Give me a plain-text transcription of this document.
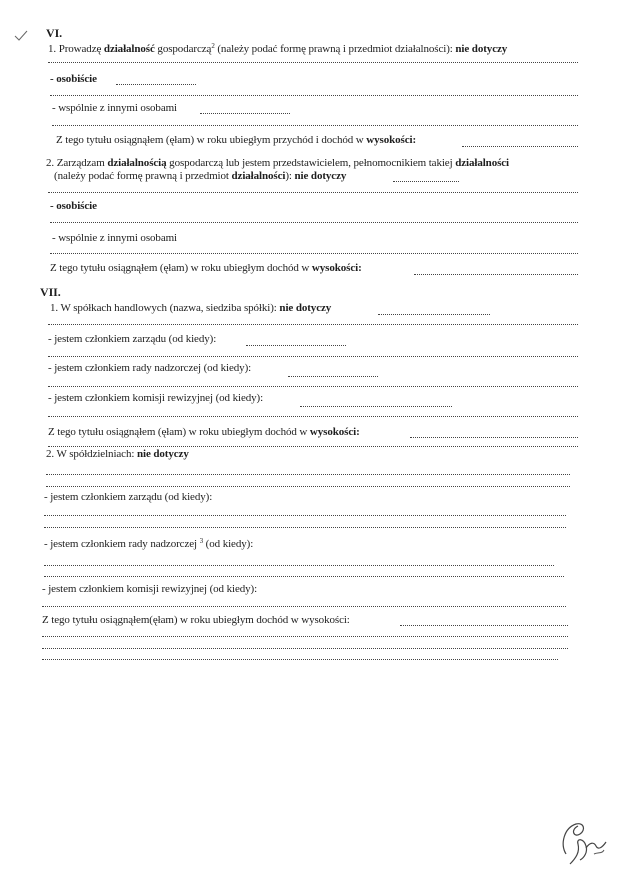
VI.
1. Prowadzę działalność gospodarczą$^2$ (należy podać formę prawną i przedmiot działalności): nie dotyczy
- osobiście
- wspólnie z innymi osobami
Z tego tytułu osiągnąłem (ęłam) w roku ubiegłym przychód i dochód w wysokości:
2. Zarządzam działalnością gospodarczą lub jestem przedstawicielem, pełnomocnikiem takiej działalności
(należy podać formę prawną i przedmiot działalności): nie dotyczy
- osobiście
- wspólnie z innymi osobami
Z tego tytułu osiągnąłem (ęłam) w roku ubiegłym dochód w wysokości:
VII.
1. W spółkach handlowych (nazwa, siedziba spółki): nie dotyczy
- jestem członkiem zarządu (od kiedy):
- jestem członkiem rady nadzorczej (od kiedy):
- jestem członkiem komisji rewizyjnej (od kiedy):
Z tego tytułu osiągnąłem (ęłam) w roku ubiegłym dochód w wysokości:
2. W spółdzielniach: nie dotyczy
- jestem członkiem zarządu (od kiedy):
- jestem członkiem rady nadzorczej $^3$ (od kiedy):
- jestem członkiem komisji rewizyjnej (od kiedy):
Z tego tytułu osiągnąłem(ęłam) w roku ubiegłym dochód w wysokości:
